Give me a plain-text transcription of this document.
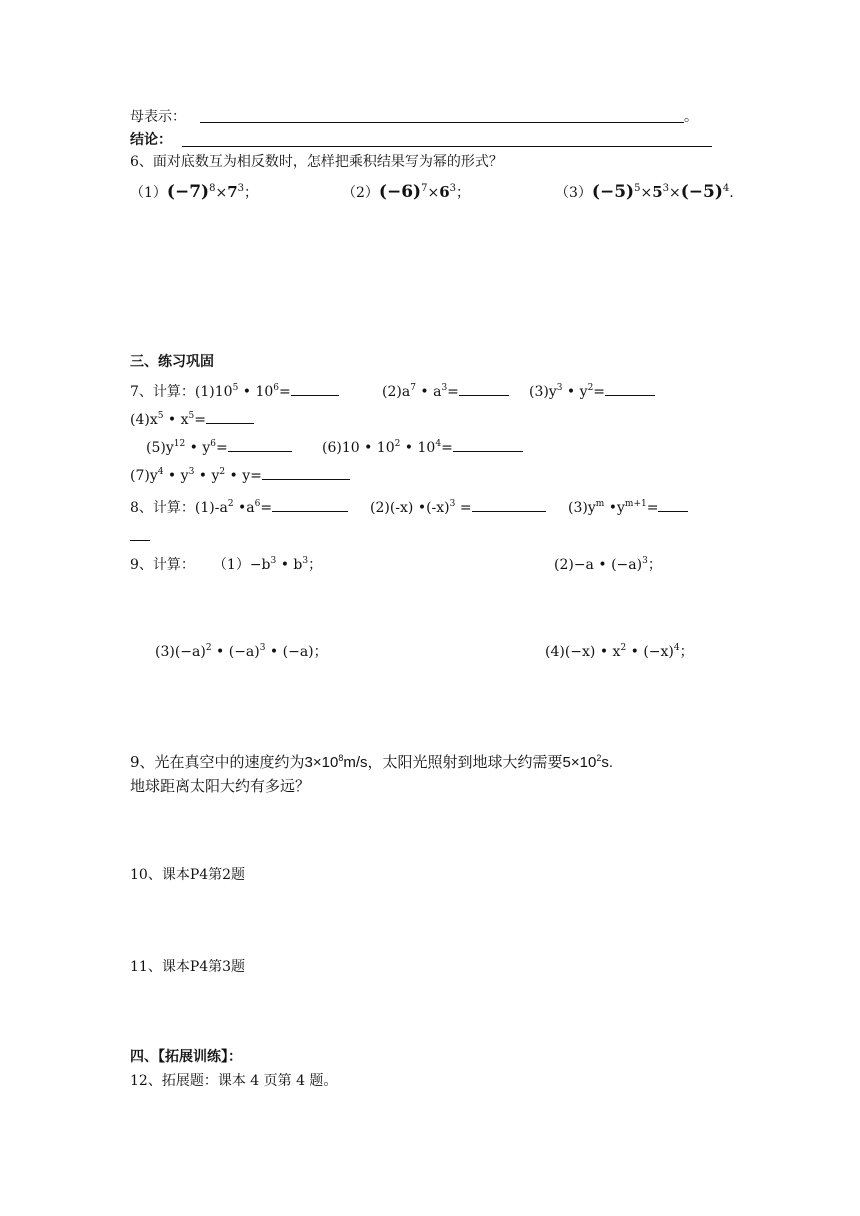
母表示：	。
结论：
6、面对底数互为相反数时，怎样把乘积结果写为幂的形式？
$(1)(-7)^8\times 7^3$；	$(2)(-6)^7\times 6^3$；	$(3)(-5)^5\times 5^3\times(-5)^4$.
三、练习巩固
7、计算：$(1)10^5$ • $10^6=$	$(2)a^7$ • $a^3=$	$(3)y^3$ • $y^2=$
$(4)x^5$ • $x^5=$
$(5)y^{12}$ • $y^6=$	(6)10 • $10^2$ • $10^4=$
$(7)y^4$ • $y^3$ • $y^2$ • y=
8、计算：$(1)-a^2$ $•a^6=$	(2)(-x) $•(-x)^3$ =	$(3)y^m$ $•y^{m+1}=$
9、计算： $(1)-b^3$ • $b^3$；	(2)−a • $(-a)^3$；
$(3)(-a)^2$ • $(-a)^3$ • (−a)；	(4)(−x) • $x^2$ • $(-x)^4$；
9、光在真空中的速度约为$3\times 10^8m/s$，太阳光照射到地球大约需要$5\times 10^2s$.
地球距离太阳大约有多远？
10、课本P4第2题
11、课本P4第3题
四、【拓展训练】：
12、拓展题：课本 4 页第 4 题。
